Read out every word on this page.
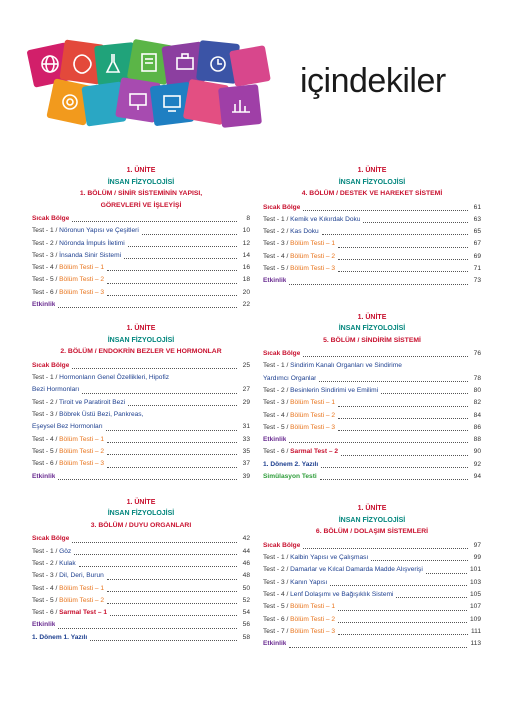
içindekiler
1. ÜNİTE
İNSAN FİZYOLOJİSİ
1. BÖLÜM / SİNİR SİSTEMİNİN YAPISI,
GÖREVLERİ VE İŞLEYİŞİ
Sıcak Bölge	8
Test - 1 / Nöronun Yapısı ve Çeşitleri	10
Test - 2 / Nöronda İmpuls İletimi	12
Test - 3 / İnsanda Sinir Sistemi	14
Test - 4 / Bölüm Testi – 1	16
Test - 5 / Bölüm Testi – 2	18
Test - 6 / Bölüm Testi – 3	20
Etkinlik	22
1. ÜNİTE
İNSAN FİZYOLOJİSİ
2. BÖLÜM / ENDOKRİN BEZLER VE HORMONLAR
Sıcak Bölge	25
Test - 1 / Hormonların Genel Özellikleri, Hipofiz
Bezi Hormonları	27
Test - 2 / Tiroit ve Paratiroit Bezi	29
Test - 3 / Böbrek Üstü Bezi, Pankreas,
Eşeysel Bez Hormonları	31
Test - 4 / Bölüm Testi – 1	33
Test - 5 / Bölüm Testi – 2	35
Test - 6 / Bölüm Testi – 3	37
Etkinlik	39
1. ÜNİTE
İNSAN FİZYOLOJİSİ
3. BÖLÜM / DUYU ORGANLARI
Sıcak Bölge	42
Test - 1 / Göz	44
Test - 2 / Kulak	46
Test - 3 / Dil, Deri, Burun	48
Test - 4 / Bölüm Testi – 1	50
Test - 5 / Bölüm Testi – 2	52
Test - 6 / Sarmal Test – 1	54
Etkinlik	56
1. Dönem 1. Yazılı	58
1. ÜNİTE
İNSAN FİZYOLOJİSİ
4. BÖLÜM / DESTEK VE HAREKET SİSTEMİ
Sıcak Bölge	61
Test - 1 / Kemik ve Kıkırdak Doku	63
Test - 2 / Kas Doku	65
Test - 3 / Bölüm Testi – 1	67
Test - 4 / Bölüm Testi – 2	69
Test - 5 / Bölüm Testi – 3	71
Etkinlik	73
1. ÜNİTE
İNSAN FİZYOLOJİSİ
5. BÖLÜM / SİNDİRİM SİSTEMİ
Sıcak Bölge	76
Test - 1 / Sindirim Kanalı Organları ve Sindirime
Yardımcı Organlar	78
Test - 2 / Besinlerin Sindirimi ve Emilimi	80
Test - 3 / Bölüm Testi – 1	82
Test - 4 / Bölüm Testi – 2	84
Test - 5 / Bölüm Testi – 3	86
Etkinlik	88
Test - 6 / Sarmal Test – 2	90
1. Dönem 2. Yazılı	92
Simülasyon Testi	94
1. ÜNİTE
İNSAN FİZYOLOJİSİ
6. BÖLÜM / DOLAŞIM SİSTEMLERİ
Sıcak Bölge	97
Test - 1 / Kalbin Yapısı ve Çalışması	99
Test - 2 / Damarlar ve Kılcal Damarda Madde Alışverişi	101
Test - 3 / Kanın Yapısı	103
Test - 4 / Lenf Dolaşımı ve Bağışıklık Sistemi	105
Test - 5 / Bölüm Testi – 1	107
Test - 6 / Bölüm Testi – 2	109
Test - 7 / Bölüm Testi – 3	111
Etkinlik	113
